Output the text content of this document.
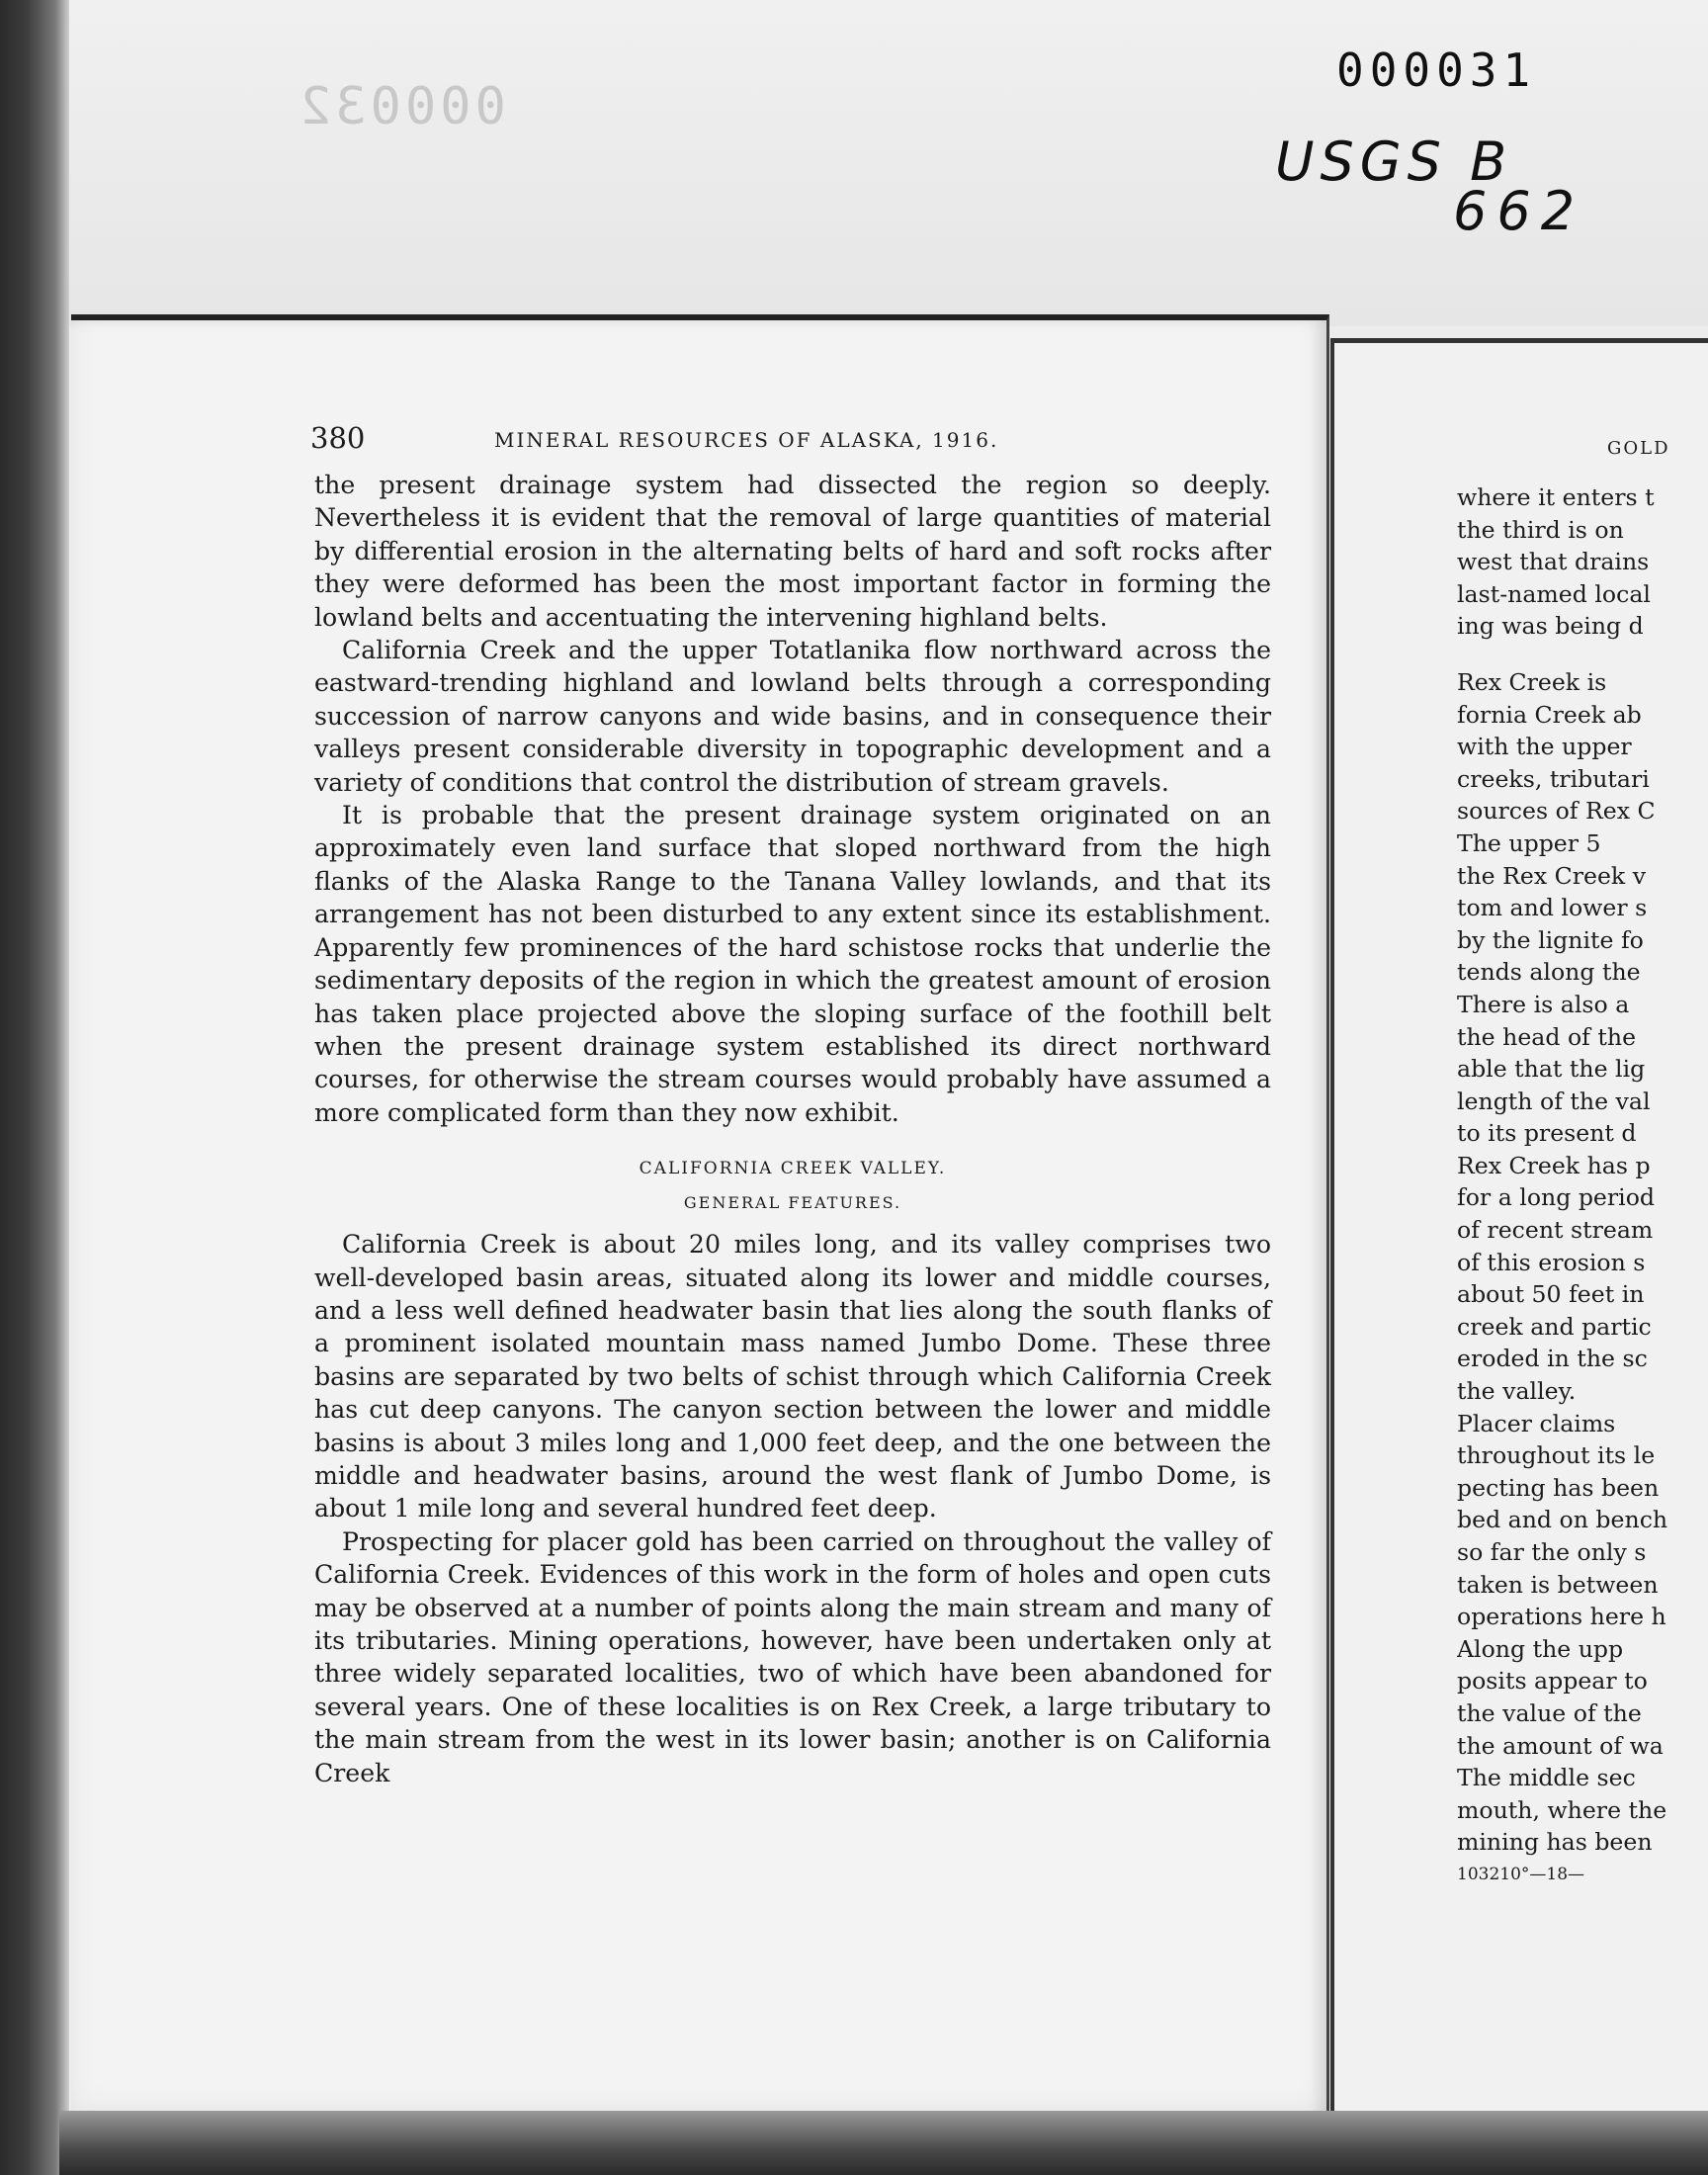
000032
000031
USGS B
662
380	MINERAL RESOURCES OF ALASKA, 1916.

the present drainage system had dissected the region so deeply. Nevertheless it is evident that the removal of large quantities of material by differential erosion in the alternating belts of hard and soft rocks after they were deformed has been the most important factor in forming the lowland belts and accentuating the intervening highland belts.

California Creek and the upper Totatlanika flow northward across the eastward-trending highland and lowland belts through a corresponding succession of narrow canyons and wide basins, and in consequence their valleys present considerable diversity in topographic development and a variety of conditions that control the distribution of stream gravels.

It is probable that the present drainage system originated on an approximately even land surface that sloped northward from the high flanks of the Alaska Range to the Tanana Valley lowlands, and that its arrangement has not been disturbed to any extent since its establishment. Apparently few prominences of the hard schistose rocks that underlie the sedimentary deposits of the region in which the greatest amount of erosion has taken place projected above the sloping surface of the foothill belt when the present drainage system established its direct northward courses, for otherwise the stream courses would probably have assumed a more complicated form than they now exhibit.

CALIFORNIA CREEK VALLEY.
GENERAL FEATURES.

California Creek is about 20 miles long, and its valley comprises two well-developed basin areas, situated along its lower and middle courses, and a less well defined headwater basin that lies along the south flanks of a prominent isolated mountain mass named Jumbo Dome. These three basins are separated by two belts of schist through which California Creek has cut deep canyons. The canyon section between the lower and middle basins is about 3 miles long and 1,000 feet deep, and the one between the middle and headwater basins, around the west flank of Jumbo Dome, is about 1 mile long and several hundred feet deep.

Prospecting for placer gold has been carried on throughout the valley of California Creek. Evidences of this work in the form of holes and open cuts may be observed at a number of points along the main stream and many of its tributaries. Mining operations, however, have been undertaken only at three widely separated localities, two of which have been abandoned for several years. One of these localities is on Rex Creek, a large tributary to the main stream from the west in its lower basin; another is on California Creek

GOLD
where it enters t
the third is on
west that drains
last-named local
ing was being d
Rex Creek is
fornia Creek ab
with the upper
creeks, tributari
sources of Rex C
The upper 5
the Rex Creek v
tom and lower s
by the lignite fo
tends along the
There is also a
the head of the
able that the lig
length of the val
to its present d
Rex Creek has p
for a long period
of recent stream
of this erosion s
about 50 feet in
creek and partic
eroded in the sc
the valley.
Placer claims
throughout its le
pecting has been
bed and on bench
so far the only s
taken is between
operations here h
Along the upp
posits appear to
the value of the
the amount of wa
The middle sec
mouth, where the
mining has been
103210°—18—
